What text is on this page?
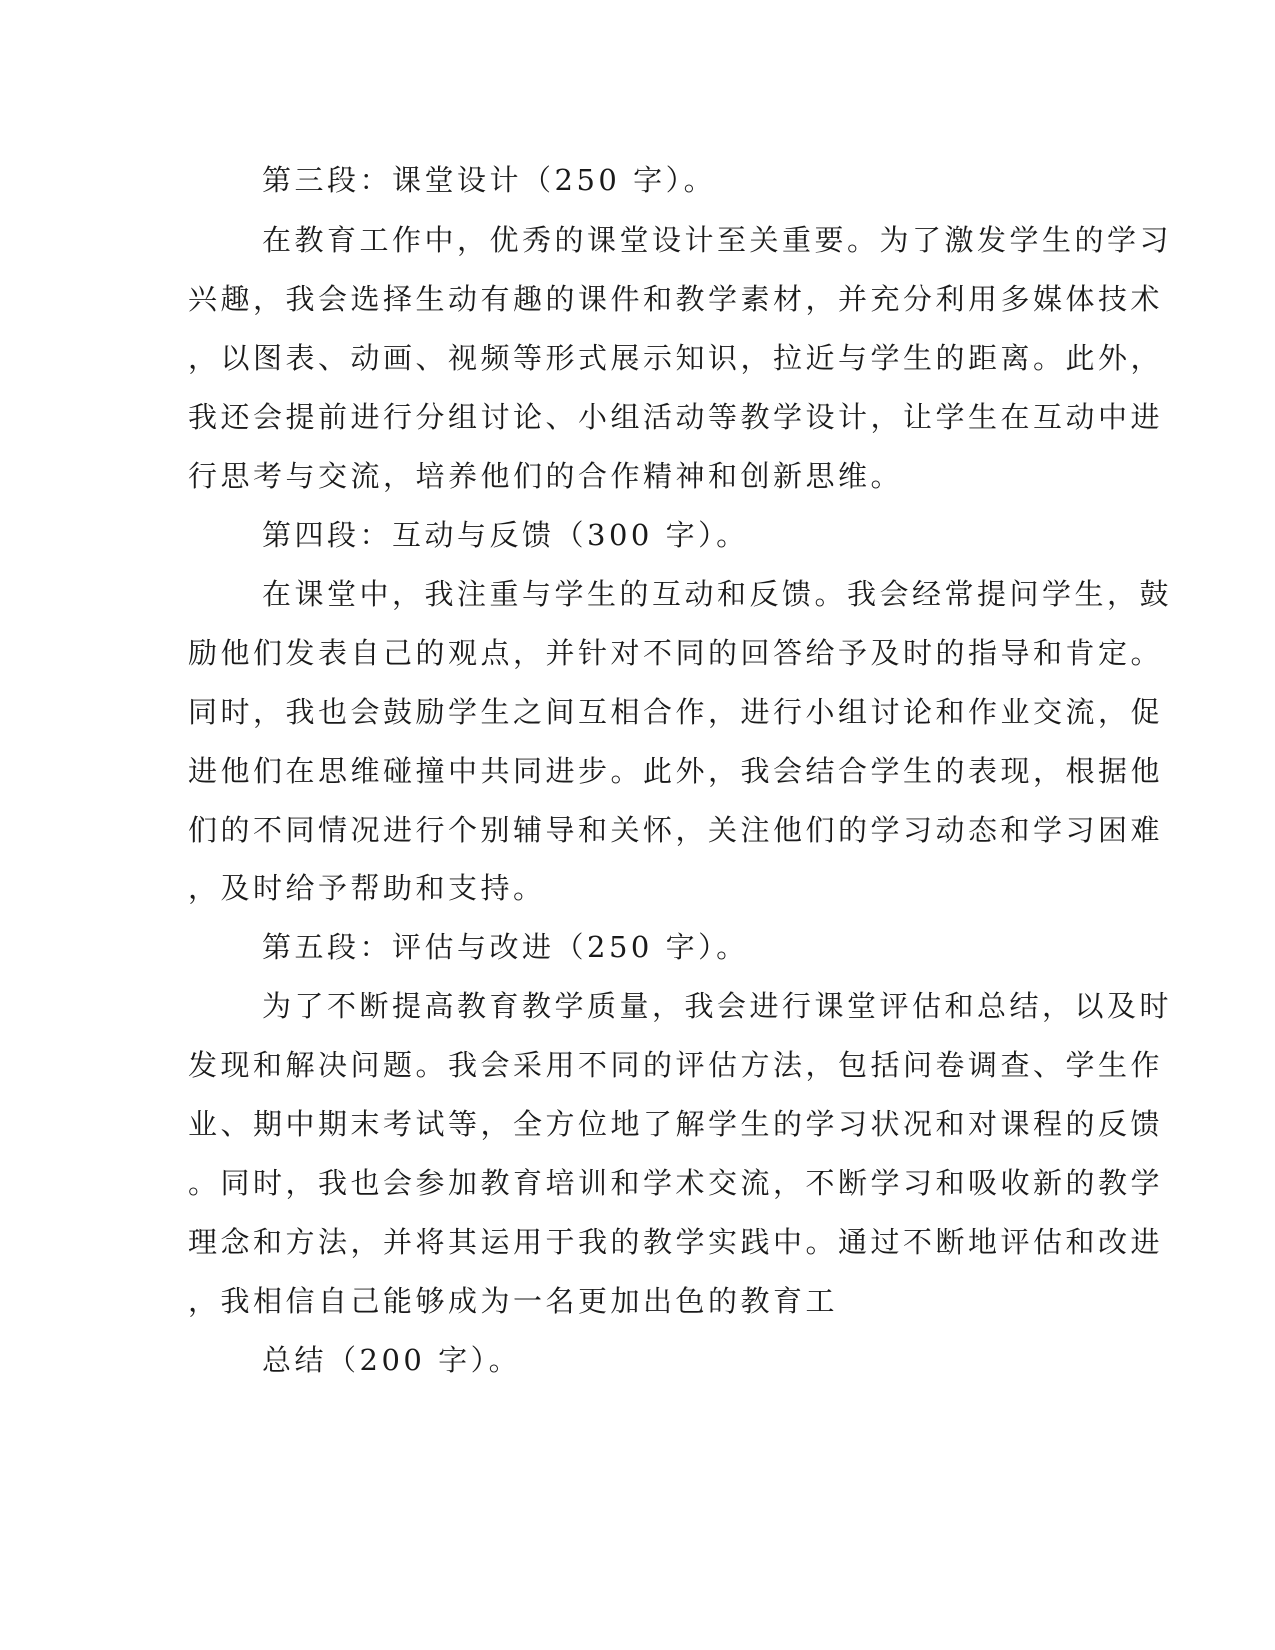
第三段：课堂设计（250 字）。
在教育工作中，优秀的课堂设计至关重要。为了激发学生的学习
兴趣，我会选择生动有趣的课件和教学素材，并充分利用多媒体技术
，以图表、动画、视频等形式展示知识，拉近与学生的距离。此外，
我还会提前进行分组讨论、小组活动等教学设计，让学生在互动中进
行思考与交流，培养他们的合作精神和创新思维。
第四段：互动与反馈（300 字）。
在课堂中，我注重与学生的互动和反馈。我会经常提问学生，鼓
励他们发表自己的观点，并针对不同的回答给予及时的指导和肯定。
同时，我也会鼓励学生之间互相合作，进行小组讨论和作业交流，促
进他们在思维碰撞中共同进步。此外，我会结合学生的表现，根据他
们的不同情况进行个别辅导和关怀，关注他们的学习动态和学习困难
，及时给予帮助和支持。
第五段：评估与改进（250 字）。
为了不断提高教育教学质量，我会进行课堂评估和总结，以及时
发现和解决问题。我会采用不同的评估方法，包括问卷调查、学生作
业、期中期末考试等，全方位地了解学生的学习状况和对课程的反馈
。同时，我也会参加教育培训和学术交流，不断学习和吸收新的教学
理念和方法，并将其运用于我的教学实践中。通过不断地评估和改进
，我相信自己能够成为一名更加出色的教育工
总结（200 字）。
